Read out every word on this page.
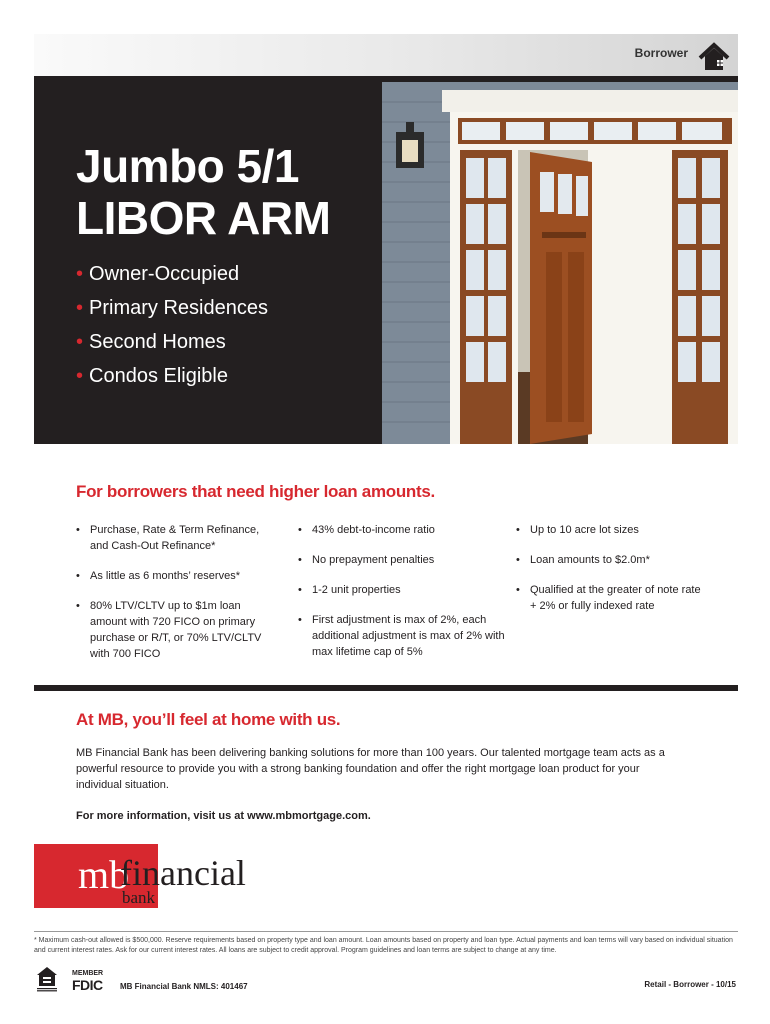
Borrower
Jumbo 5/1
LIBOR ARM
• Owner-Occupied
• Primary Residences
• Second Homes
• Condos Eligible
For borrowers that need higher loan amounts.
• Purchase, Rate & Term Refinance, and Cash-Out Refinance*
• As little as 6 months’ reserves*
• 80% LTV/CLTV up to $1m loan amount with 720 FICO on primary purchase or R/T, or 70% LTV/CLTV with 700 FICO
• 43% debt-to-income ratio
• No prepayment penalties
• 1-2 unit properties
• First adjustment is max of 2%, each additional adjustment is max of 2% with max lifetime cap of 5%
• Up to 10 acre lot sizes
• Loan amounts to $2.0m*
• Qualified at the greater of note rate + 2% or fully indexed rate
At MB, you’ll feel at home with us.
MB Financial Bank has been delivering banking solutions for more than 100 years. Our talented mortgage team acts as a powerful resource to provide you with a strong banking foundation and offer the right mortgage loan product for your individual situation.
For more information, visit us at www.mbmortgage.com.
mb
financial
bank
* Maximum cash-out allowed is $500,000. Reserve requirements based on property type and loan amount. Loan amounts based on property and loan type. Actual payments and loan terms will vary based on individual situation and current interest rates. Ask for our current interest rates. All loans are subject to credit approval. Program guidelines and loan terms are subject to change at any time.
MEMBER
FDIC MB Financial Bank NMLS: 401467	Retail - Borrower - 10/15
